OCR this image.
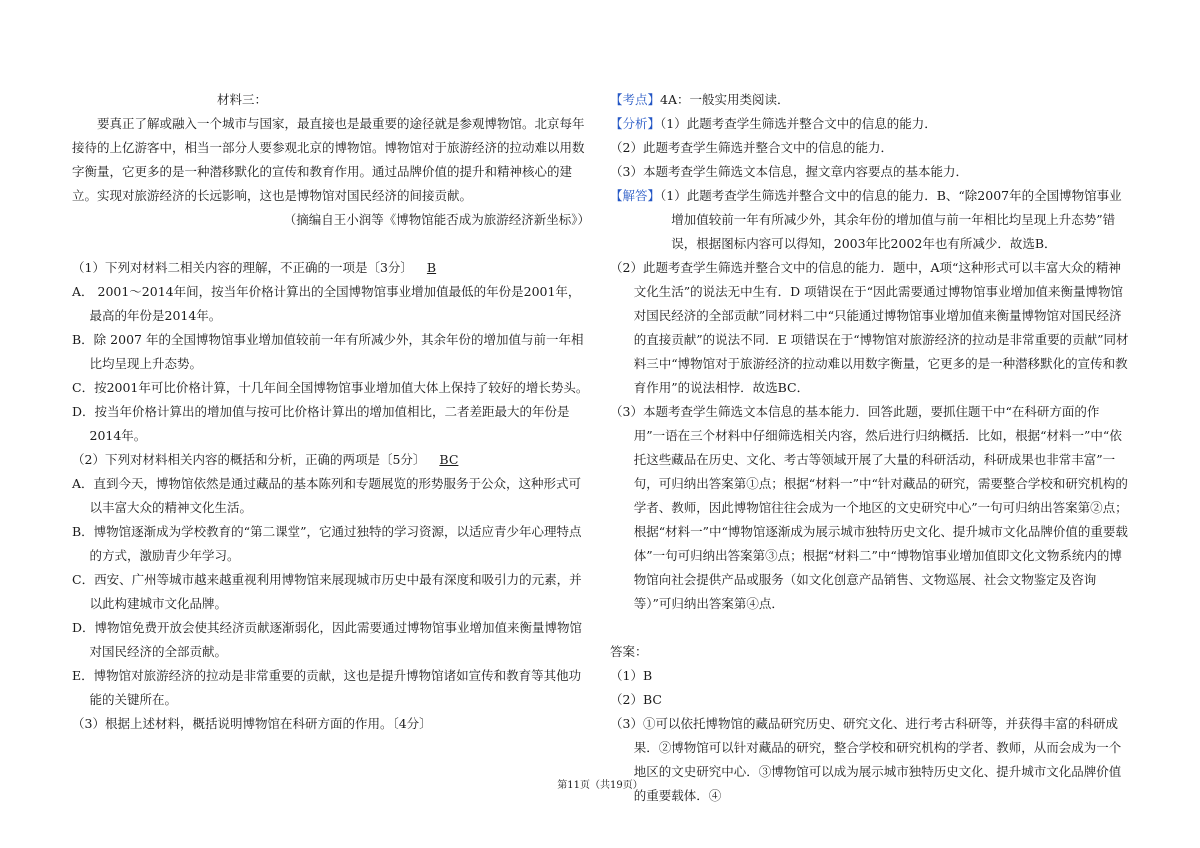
材料三：

要真正了解或融入一个城市与国家，最直接也是最重要的途径就是参观博物馆。北京每年接待的上亿游客中，相当一部分人要参观北京的博物馆。博物馆对于旅游经济的拉动难以用数字衡量，它更多的是一种潜移默化的宣传和教育作用。通过品牌价值的提升和精神核心的建立。实现对旅游经济的长远影响，这也是博物馆对国民经济的间接贡献。

（摘编自王小润等《博物馆能否成为旅游经济新坐标》）

（1）下列对材料二相关内容的理解，不正确的一项是〔3分〕 B

A． 2001～2014年间，按当年价格计算出的全国博物馆事业增加值最低的年份是2001年，最高的年份是2014年。

B．除 2007 年的全国博物馆事业增加值较前一年有所减少外，其余年份的增加值与前一年相比均呈现上升态势。

C．按2001年可比价格计算，十几年间全国博物馆事业增加值大体上保持了较好的增长势头。

D．按当年价格计算出的增加值与按可比价格计算出的增加值相比，二者差距最大的年份是 2014年。

（2）下列对材料相关内容的概括和分析，正确的两项是〔5分〕 BC

A．直到今天，博物馆依然是通过藏品的基本陈列和专题展览的形势服务于公众，这种形式可以丰富大众的精神文化生活。

B．博物馆逐渐成为学校教育的“第二课堂”，它通过独特的学习资源，以适应青少年心理特点的方式，激励青少年学习。

C．西安、广州等城市越来越重视利用博物馆来展现城市历史中最有深度和吸引力的元素，并以此构建城市文化品牌。

D．博物馆免费开放会使其经济贡献逐渐弱化，因此需要通过博物馆事业增加值来衡量博物馆对国民经济的全部贡献。

E．博物馆对旅游经济的拉动是非常重要的贡献，这也是提升博物馆诸如宣传和教育等其他功能的关键所在。

（3）根据上述材料，概括说明博物馆在科研方面的作用。〔4分〕

【考点】4A：一般实用类阅读．

【分析】（1）此题考查学生筛选并整合文中的信息的能力．

（2）此题考查学生筛选并整合文中的信息的能力．

（3）本题考查学生筛选文本信息，握文章内容要点的基本能力．

【解答】（1）此题考查学生筛选并整合文中的信息的能力．B、“除2007年的全国博物馆事业增加值较前一年有所减少外，其余年份的增加值与前一年相比均呈现上升态势”错误，根据图标内容可以得知，2003年比2002年也有所减少．故选B．

（2）此题考查学生筛选并整合文中的信息的能力．题中，A项“这种形式可以丰富大众的精神文化生活”的说法无中生有．D 项错误在于“因此需要通过博物馆事业增加值来衡量博物馆对国民经济的全部贡献”同材料二中“只能通过博物馆事业增加值来衡量博物馆对国民经济的直接贡献”的说法不同．E 项错误在于“博物馆对旅游经济的拉动是非常重要的贡献”同材料三中“博物馆对于旅游经济的拉动难以用数字衡量，它更多的是一种潜移默化的宣传和教育作用”的说法相悖．故选BC．

（3）本题考查学生筛选文本信息的基本能力．回答此题，要抓住题干中“在科研方面的作用”一语在三个材料中仔细筛选相关内容，然后进行归纳概括．比如，根据“材料一”中“依托这些藏品在历史、文化、考古等领域开展了大量的科研活动，科研成果也非常丰富”一句，可归纳出答案第①点；根据“材料一”中“针对藏品的研究，需要整合学校和研究机构的学者、教师，因此博物馆往往会成为一个地区的文史研究中心”一句可归纳出答案第②点；根据“材料一”中“博物馆逐渐成为展示城市独特历史文化、提升城市文化品牌价值的重要载体”一句可归纳出答案第③点；根据“材料二”中“博物馆事业增加值即文化文物系统内的博物馆向社会提供产品或服务（如文化创意产品销售、文物巡展、社会文物鉴定及咨询等）”可归纳出答案第④点．

答案：

（1）B

（2）BC

（3）①可以依托博物馆的藏品研究历史、研究文化、进行考古科研等，并获得丰富的科研成果．②博物馆可以针对藏品的研究，整合学校和研究机构的学者、教师，从而会成为一个地区的文史研究中心．③博物馆可以成为展示城市独特历史文化、提升城市文化品牌价值的重要载体．④

第11页（共19页）
